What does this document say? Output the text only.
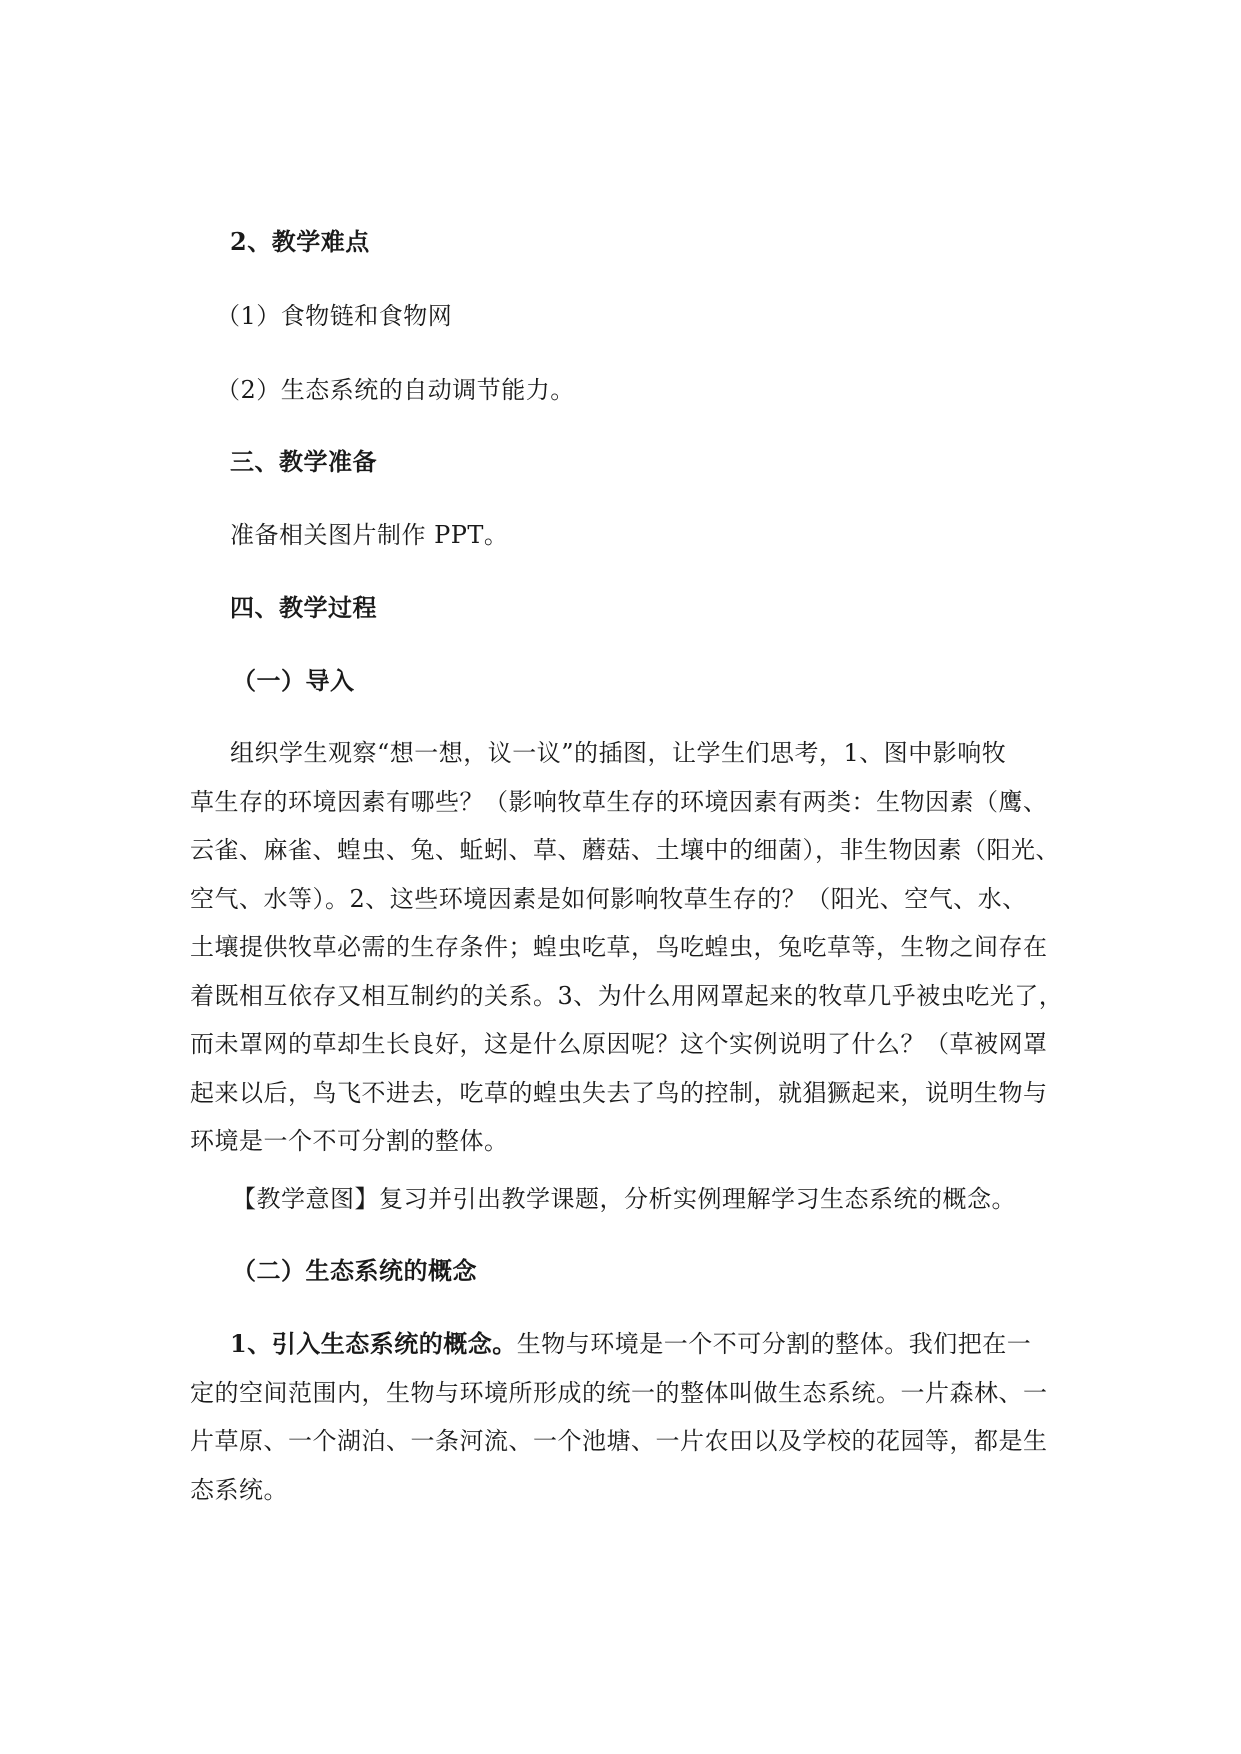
2、教学难点
（1）食物链和食物网
（2）生态系统的自动调节能力。
三、教学准备
准备相关图片制作 PPT。
四、教学过程
（一）导入
组织学生观察“想一想，议一议”的插图，让学生们思考，1、图中影响牧
草生存的环境因素有哪些？（影响牧草生存的环境因素有两类：生物因素（鹰、
云雀、麻雀、蝗虫、兔、蚯蚓、草、蘑菇、土壤中的细菌），非生物因素（阳光、
空气、水等）。2、这些环境因素是如何影响牧草生存的？（阳光、空气、水、
土壤提供牧草必需的生存条件；蝗虫吃草，鸟吃蝗虫，兔吃草等，生物之间存在
着既相互依存又相互制约的关系。3、为什么用网罩起来的牧草几乎被虫吃光了，
而未罩网的草却生长良好，这是什么原因呢？这个实例说明了什么？（草被网罩
起来以后，鸟飞不进去，吃草的蝗虫失去了鸟的控制，就猖獗起来，说明生物与
环境是一个不可分割的整体。
【教学意图】复习并引出教学课题，分析实例理解学习生态系统的概念。
（二）生态系统的概念
1、引入生态系统的概念。生物与环境是一个不可分割的整体。我们把在一
定的空间范围内，生物与环境所形成的统一的整体叫做生态系统。一片森林、一
片草原、一个湖泊、一条河流、一个池塘、一片农田以及学校的花园等，都是生
态系统。
